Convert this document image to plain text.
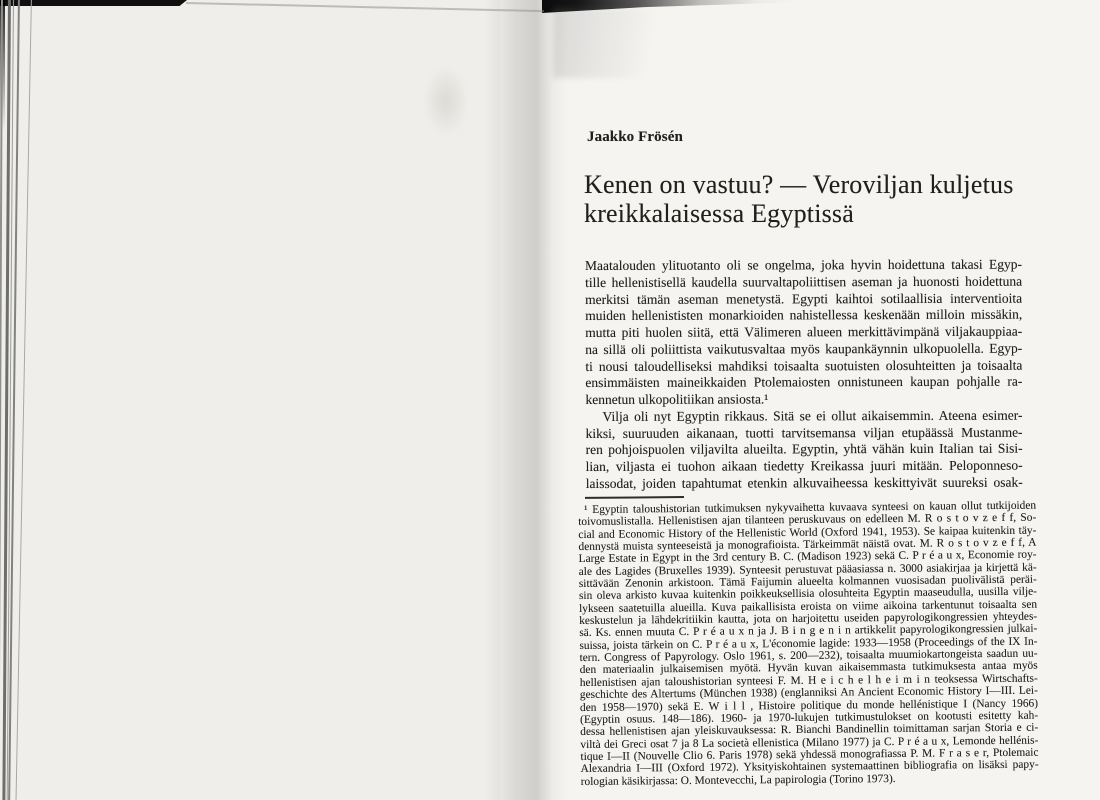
Jaakko Frösén
Kenen on vastuu? — Veroviljan kuljetus
kreikkalaisessa Egyptissä
Maatalouden ylituotanto oli se ongelma, joka hyvin hoidettuna takasi Egyp-
tille hellenistisellä kaudella suurvaltapoliittisen aseman ja huonosti hoidettuna
merkitsi tämän aseman menetystä. Egypti kaihtoi sotilaallisia interventioita
muiden hellenististen monarkioiden nahistellessa keskenään milloin missäkin,
mutta piti huolen siitä, että Välimeren alueen merkittävimpänä viljakauppiaa-
na sillä oli poliittista vaikutusvaltaa myös kaupankäynnin ulkopuolella. Egyp-
ti nousi taloudelliseksi mahdiksi toisaalta suotuisten olosuhteitten ja toisaalta
ensimmäisten maineikkaiden Ptolemaiosten onnistuneen kaupan pohjalle ra-
kennetun ulkopolitiikan ansiosta.¹
Vilja oli nyt Egyptin rikkaus. Sitä se ei ollut aikaisemmin. Ateena esimer-
kiksi, suuruuden aikanaan, tuotti tarvitsemansa viljan etupäässä Mustanme-
ren pohjoispuolen viljavilta alueilta. Egyptin, yhtä vähän kuin Italian tai Sisi-
lian, viljasta ei tuohon aikaan tiedetty Kreikassa juuri mitään. Peloponneso-
laissodat, joiden tapahtumat etenkin alkuvaiheessa keskittyivät suureksi osak-
¹ Egyptin taloushistorian tutkimuksen nykyvaihetta kuvaava synteesi on kauan ollut tutkijoiden
toivomuslistalla. Hellenistisen ajan tilanteen peruskuvaus on edelleen M. R o s t o v z e f f, So-
cial and Economic History of the Hellenistic World (Oxford 1941, 1953). Se kaipaa kuitenkin täy-
dennystä muista synteeseistä ja monografioista. Tärkeimmät näistä ovat. M. R o s t o v z e f f, A
Large Estate in Egypt in the 3rd century B. C. (Madison 1923) sekä C. P r é a u x, Economie roy-
ale des Lagides (Bruxelles 1939). Synteesit perustuvat pääasiassa n. 3000 asiakirjaa ja kirjettä kä-
sittävään Zenonin arkistoon. Tämä Faijumin alueelta kolmannen vuosisadan puolivälistä peräi-
sin oleva arkisto kuvaa kuitenkin poikkeuksellisia olosuhteita Egyptin maaseudulla, uusilla vilje-
lykseen saatetuilla alueilla. Kuva paikallisista eroista on viime aikoina tarkentunut toisaalta sen
keskustelun ja lähdekritiikin kautta, jota on harjoitettu useiden papyrologikongressien yhteydes-
sä. Ks. ennen muuta C. P r é a u x n ja J. B i n g e n i n artikkelit papyrologikongressien julkai-
suissa, joista tärkein on C. P r é a u x, L'économie lagide: 1933—1958 (Proceedings of the IX In-
tern. Congress of Papyrology. Oslo 1961, s. 200—232), toisaalta muumiokartongeista saadun uu-
den materiaalin julkaisemisen myötä. Hyvän kuvan aikaisemmasta tutkimuksesta antaa myös
hellenistisen ajan taloushistorian synteesi F. M. H e i c h e l h e i m i n teoksessa Wirtschafts-
geschichte des Altertums (München 1938) (englanniksi An Ancient Economic History I—III. Lei-
den 1958—1970) sekä E. W i l l , Histoire politique du monde hellénistique I (Nancy 1966)
(Egyptin osuus. 148—186). 1960- ja 1970-lukujen tutkimustulokset on kootusti esitetty kah-
dessa hellenistisen ajan yleiskuvauksessa: R. Bianchi Bandinellin toimittaman sarjan Storia e ci-
viltà dei Greci osat 7 ja 8 La società ellenistica (Milano 1977) ja C. P r é a u x, Lemonde hellénis-
tique I—II (Nouvelle Clio 6. Paris 1978) sekä yhdessä monografiassa P. M. F r a s e r, Ptolemaic
Alexandria I—III (Oxford 1972). Yksityiskohtainen systemaattinen bibliografia on lisäksi papy-
rologian käsikirjassa: O. Montevecchi, La papirologia (Torino 1973).
